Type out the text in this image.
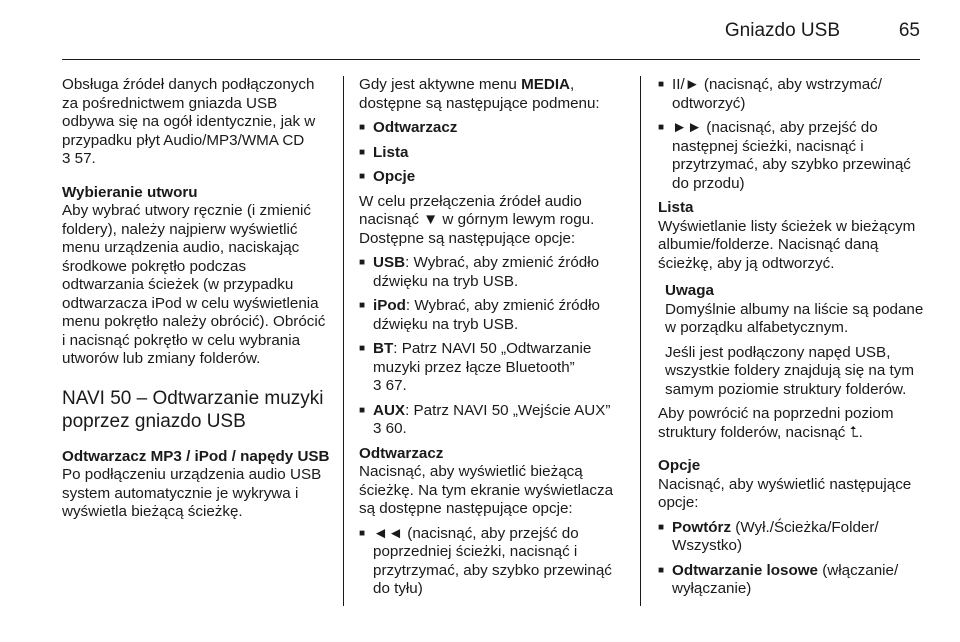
Gniazdo USB	65

Obsługa źródeł danych podłączonych za pośrednictwem gniazda USB odbywa się na ogół identycznie, jak w przypadku płyt Audio/MP3/WMA CD
3 57.

Wybieranie utworu

Aby wybrać utwory ręcznie (i zmienić foldery), należy najpierw wyświetlić menu urządzenia audio, naciskając środkowe pokrętło podczas odtwarzania ścieżek (w przypadku odtwarzacza iPod w celu wyświetlenia menu pokrętło należy obrócić). Obrócić i nacisnąć pokrętło w celu wybrania utworów lub zmiany folderów.

NAVI 50 – Odtwarzanie muzyki poprzez gniazdo USB

Odtwarzacz MP3 / iPod / napędy USB

Po podłączeniu urządzenia audio USB system automatycznie je wykrywa i wyświetla bieżącą ścieżkę.

Gdy jest aktywne menu MEDIA, dostępne są następujące podmenu:

■ Odtwarzacz
■ Lista
■ Opcje

W celu przełączenia źródeł audio nacisnąć ▼ w górnym lewym rogu. Dostępne są następujące opcje:

■ USB: Wybrać, aby zmienić źródło dźwięku na tryb USB.
■ iPod: Wybrać, aby zmienić źródło dźwięku na tryb USB.
■ BT: Patrz NAVI 50 „Odtwarzanie muzyki przez łącze Bluetooth”
3 67.
■ AUX: Patrz NAVI 50 „Wejście AUX”
3 60.

Odtwarzacz

Nacisnąć, aby wyświetlić bieżącą ścieżkę. Na tym ekranie wyświetlacza są dostępne następujące opcje:

■ ◄◄ (nacisnąć, aby przejść do poprzedniej ścieżki, nacisnąć i przytrzymać, aby szybko przewinąć do tyłu)
■ II/► (nacisnąć, aby wstrzymać/ odtworzyć)
■ ►► (nacisnąć, aby przejść do następnej ścieżki, nacisnąć i przytrzymać, aby szybko przewinąć do przodu)

Lista

Wyświetlanie listy ścieżek w bieżącym albumie/folderze. Nacisnąć daną ścieżkę, aby ją odtworzyć.

Uwaga

Domyślnie albumy na liście są podane w porządku alfabetycznym.

Jeśli jest podłączony napęd USB, wszystkie foldery znajdują się na tym samym poziomie struktury folderów.

Aby powrócić na poprzedni poziom struktury folderów, nacisnąć ⮤.

Opcje

Nacisnąć, aby wyświetlić następujące opcje:

■ Powtórz (Wył./Ścieżka/Folder/ Wszystko)
■ Odtwarzanie losowe (włączanie/ wyłączanie)
